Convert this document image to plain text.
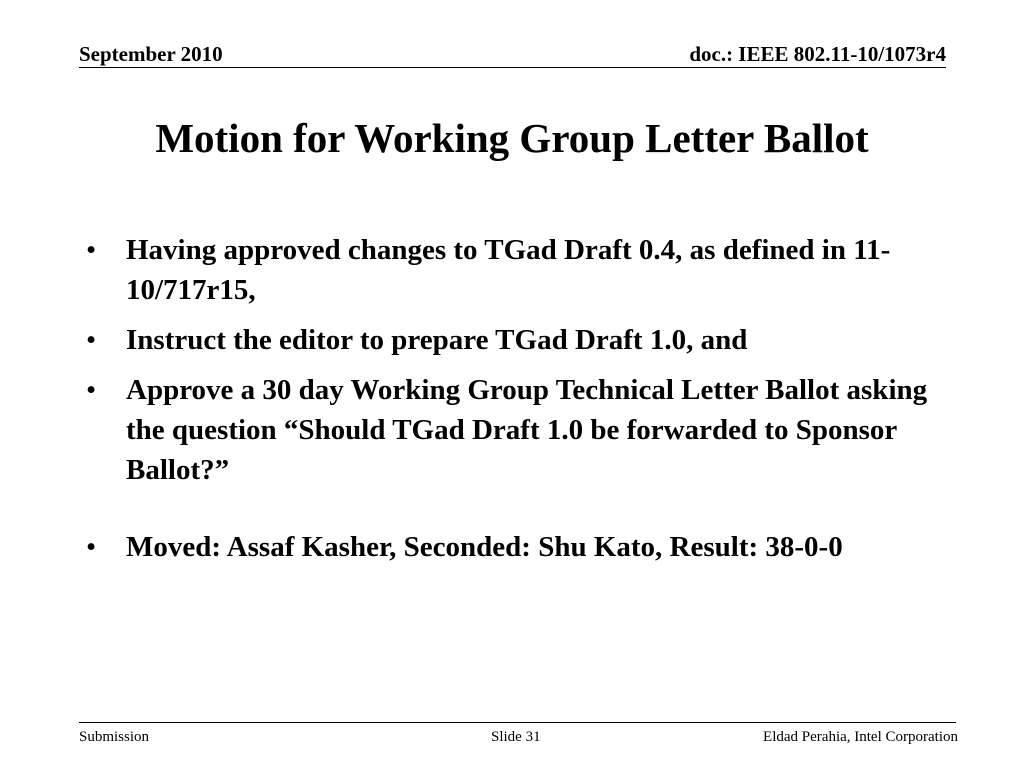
September 2010	doc.: IEEE 802.11-10/1073r4
Motion for Working Group Letter Ballot
• Having approved changes to TGad Draft 0.4, as defined in 11-10/717r15,
• Instruct the editor to prepare TGad Draft 1.0, and
• Approve a 30 day Working Group Technical Letter Ballot asking the question “Should TGad Draft 1.0 be forwarded to Sponsor Ballot?”
• Moved: Assaf Kasher, Seconded: Shu Kato, Result: 38-0-0
Submission	Slide 31	Eldad Perahia, Intel Corporation
